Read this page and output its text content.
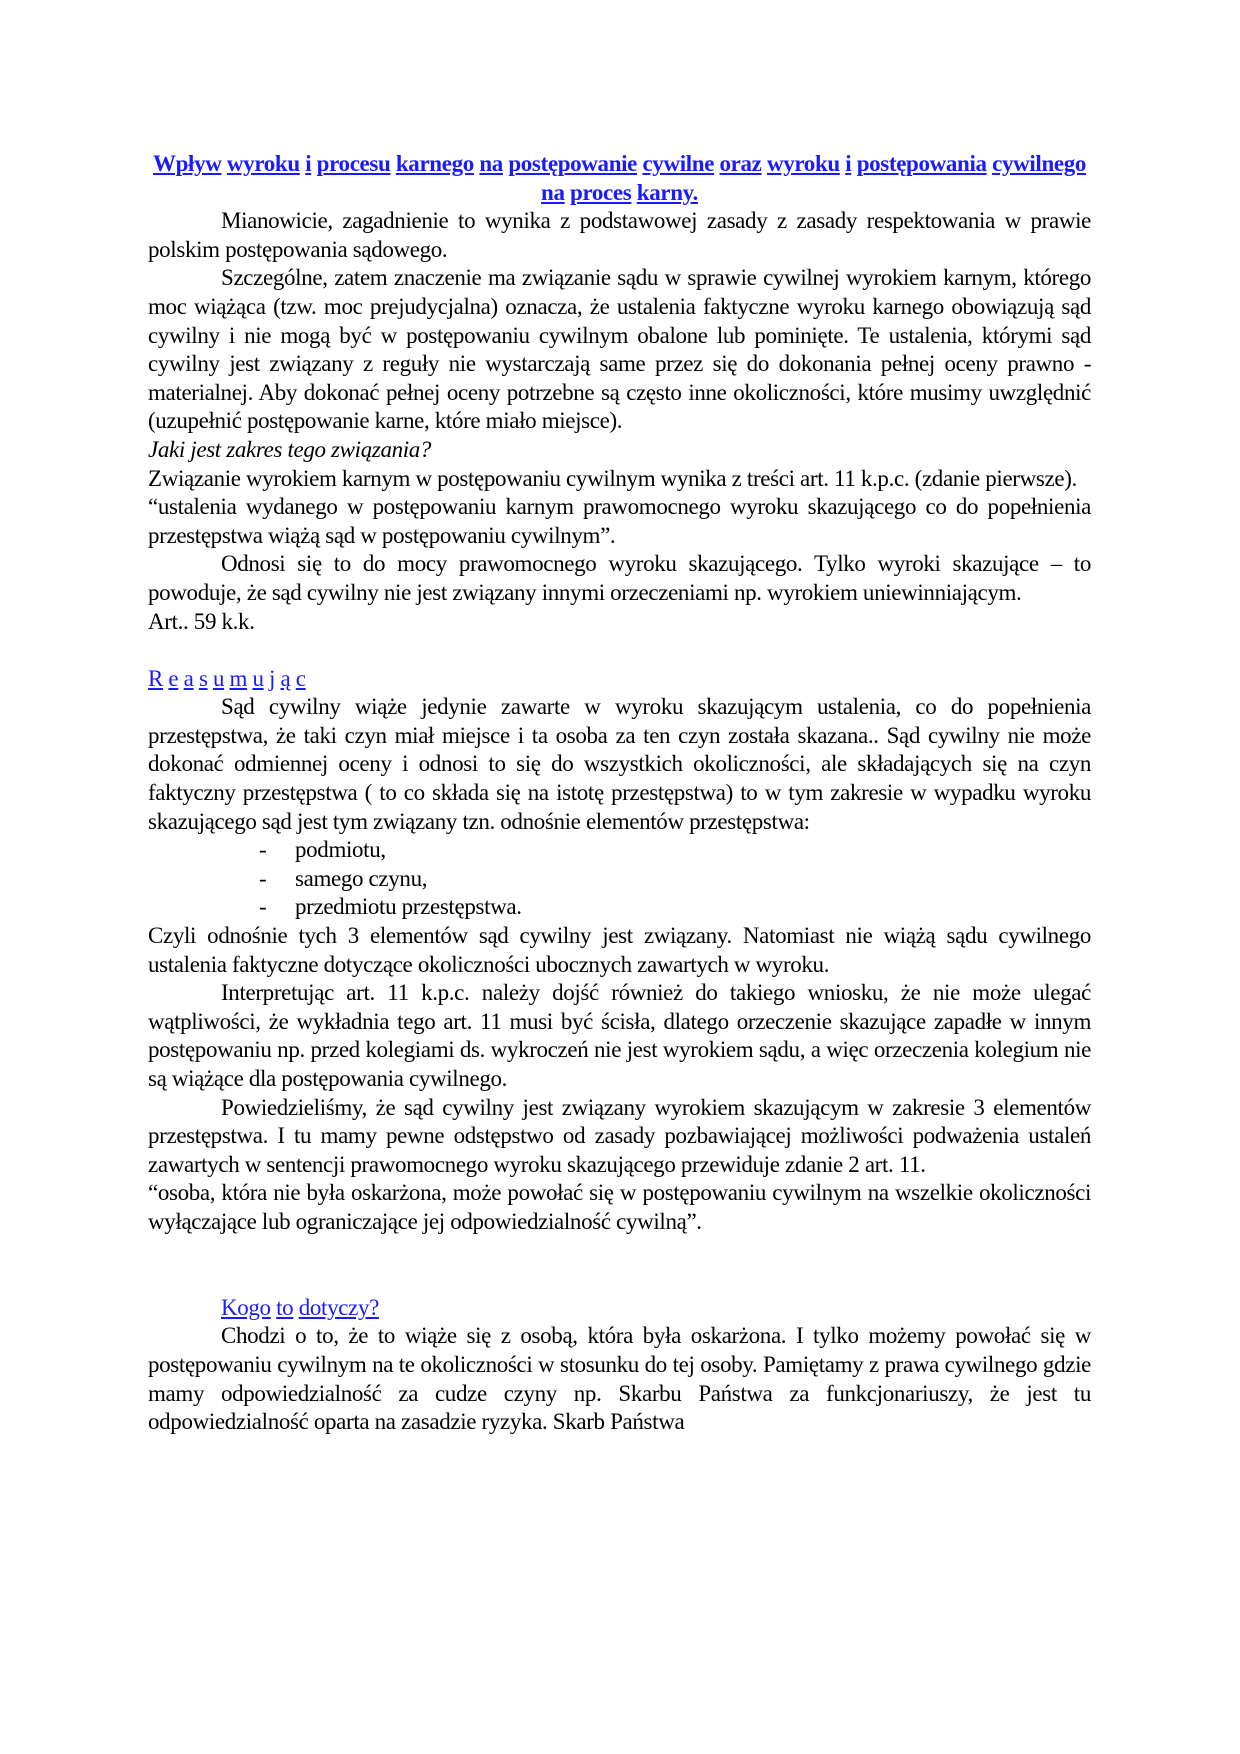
Wpływ wyroku i procesu karnego na postępowanie cywilne oraz wyroku i postępowania cywilnego na proces karny.

Mianowicie, zagadnienie to wynika z podstawowej zasady z zasady respektowania w prawie polskim postępowania sądowego.

Szczególne, zatem znaczenie ma związanie sądu w sprawie cywilnej wyrokiem karnym, którego moc wiążąca (tzw. moc prejudycjalna) oznacza, że ustalenia faktyczne wyroku karnego obowiązują sąd cywilny i nie mogą być w postępowaniu cywilnym obalone lub pominięte. Te ustalenia, którymi sąd cywilny jest związany z reguły nie wystarczają same przez się do dokonania pełnej oceny prawno - materialnej. Aby dokonać pełnej oceny potrzebne są często inne okoliczności, które musimy uwzględnić (uzupełnić postępowanie karne, które miało miejsce).

Jaki jest zakres tego związania?

Związanie wyrokiem karnym w postępowaniu cywilnym wynika z treści art. 11 k.p.c. (zdanie pierwsze).

“ustalenia wydanego w postępowaniu karnym prawomocnego wyroku skazującego co do popełnienia przestępstwa wiążą sąd w postępowaniu cywilnym”.

Odnosi się to do mocy prawomocnego wyroku skazującego. Tylko wyroki skazujące – to powoduje, że sąd cywilny nie jest związany innymi orzeczeniami np. wyrokiem uniewinniającym.

Art.. 59 k.k.

R e a s u m u j ą c

Sąd cywilny wiąże jedynie zawarte w wyroku skazującym ustalenia, co do popełnienia przestępstwa, że taki czyn miał miejsce i ta osoba za ten czyn została skazana.. Sąd cywilny nie może dokonać odmiennej oceny i odnosi to się do wszystkich okoliczności, ale składających się na czyn faktyczny przestępstwa ( to co składa się na istotę przestępstwa) to w tym zakresie w wypadku wyroku skazującego sąd jest tym związany tzn. odnośnie elementów przestępstwa:

- podmiotu,
- samego czynu,
- przedmiotu przestępstwa.

Czyli odnośnie tych 3 elementów sąd cywilny jest związany. Natomiast nie wiążą sądu cywilnego ustalenia faktyczne dotyczące okoliczności ubocznych zawartych w wyroku.

Interpretując art. 11 k.p.c. należy dojść również do takiego wniosku, że nie może ulegać wątpliwości, że wykładnia tego art. 11 musi być ścisła, dlatego orzeczenie skazujące zapadłe w innym postępowaniu np. przed kolegiami ds. wykroczeń nie jest wyrokiem sądu, a więc orzeczenia kolegium nie są wiążące dla postępowania cywilnego.

Powiedzieliśmy, że sąd cywilny jest związany wyrokiem skazującym w zakresie 3 elementów przestępstwa. I tu mamy pewne odstępstwo od zasady pozbawiającej możliwości podważenia ustaleń zawartych w sentencji prawomocnego wyroku skazującego przewiduje zdanie 2 art. 11.

“osoba, która nie była oskarżona, może powołać się w postępowaniu cywilnym na wszelkie okoliczności wyłączające lub ograniczające jej odpowiedzialność cywilną”.

Kogo to dotyczy?

Chodzi o to, że to wiąże się z osobą, która była oskarżona. I tylko możemy powołać się w postępowaniu cywilnym na te okoliczności w stosunku do tej osoby. Pamiętamy z prawa cywilnego gdzie mamy odpowiedzialność za cudze czyny np. Skarbu Państwa za funkcjonariuszy, że jest tu odpowiedzialność oparta na zasadzie ryzyka. Skarb Państwa
